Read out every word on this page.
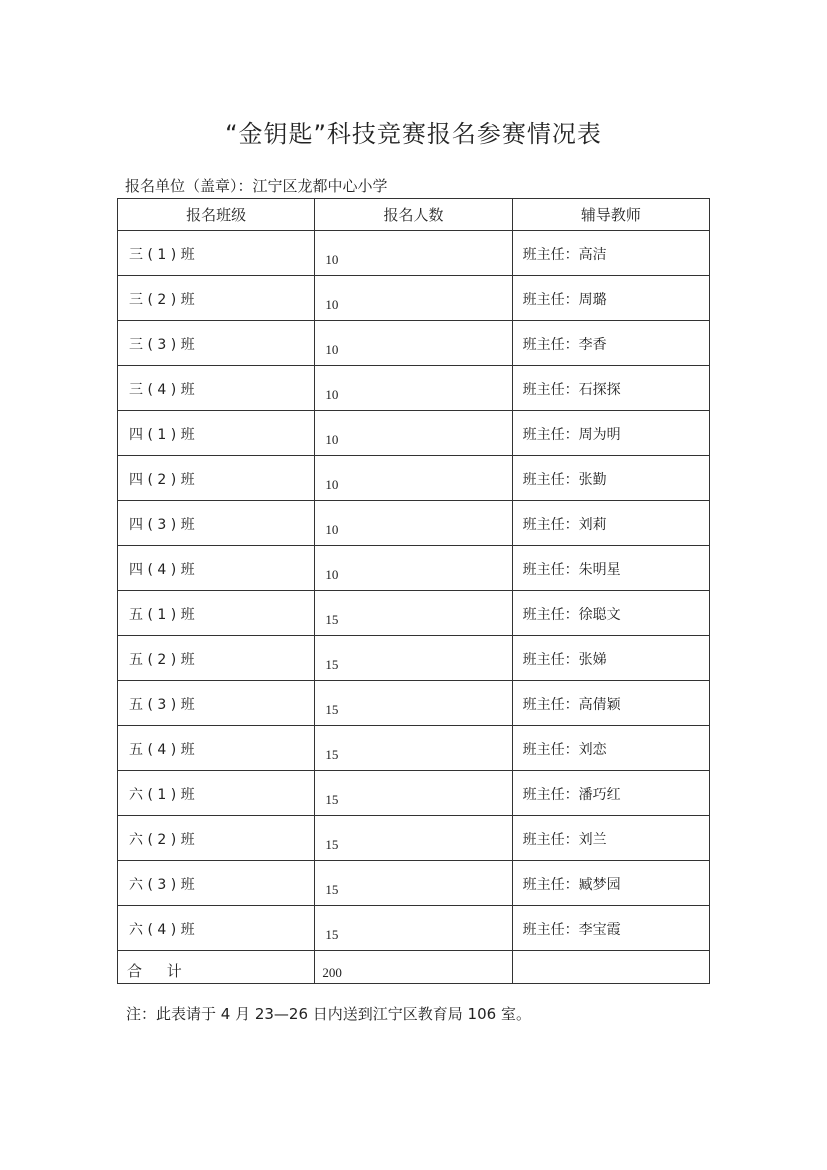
“金钥匙”科技竞赛报名参赛情况表
报名单位（盖章）：江宁区龙都中心小学
报名班级	报名人数	辅导教师

三 ( 1 ) 班	10	班主任：高洁

三 ( 2 ) 班	10	班主任：周璐

三 ( 3 ) 班	10	班主任：李香

三 ( 4 ) 班	10	班主任：石探探

四 ( 1 ) 班	10	班主任：周为明

四 ( 2 ) 班	10	班主任：张勤

四 ( 3 ) 班	10	班主任：刘莉

四 ( 4 ) 班	10	班主任：朱明星

五 ( 1 ) 班	15	班主任：徐聪文

五 ( 2 ) 班	15	班主任：张娣

五 ( 3 ) 班	15	班主任：高倩颖

五 ( 4 ) 班	15	班主任：刘恋

六 ( 1 ) 班	15	班主任：潘巧红

六 ( 2 ) 班	15	班主任：刘兰

六 ( 3 ) 班	15	班主任：臧梦园

六 ( 4 ) 班	15	班主任：李宝霞

合 计	200	

注：此表请于 4 月 23—26 日内送到江宁区教育局 106 室。
